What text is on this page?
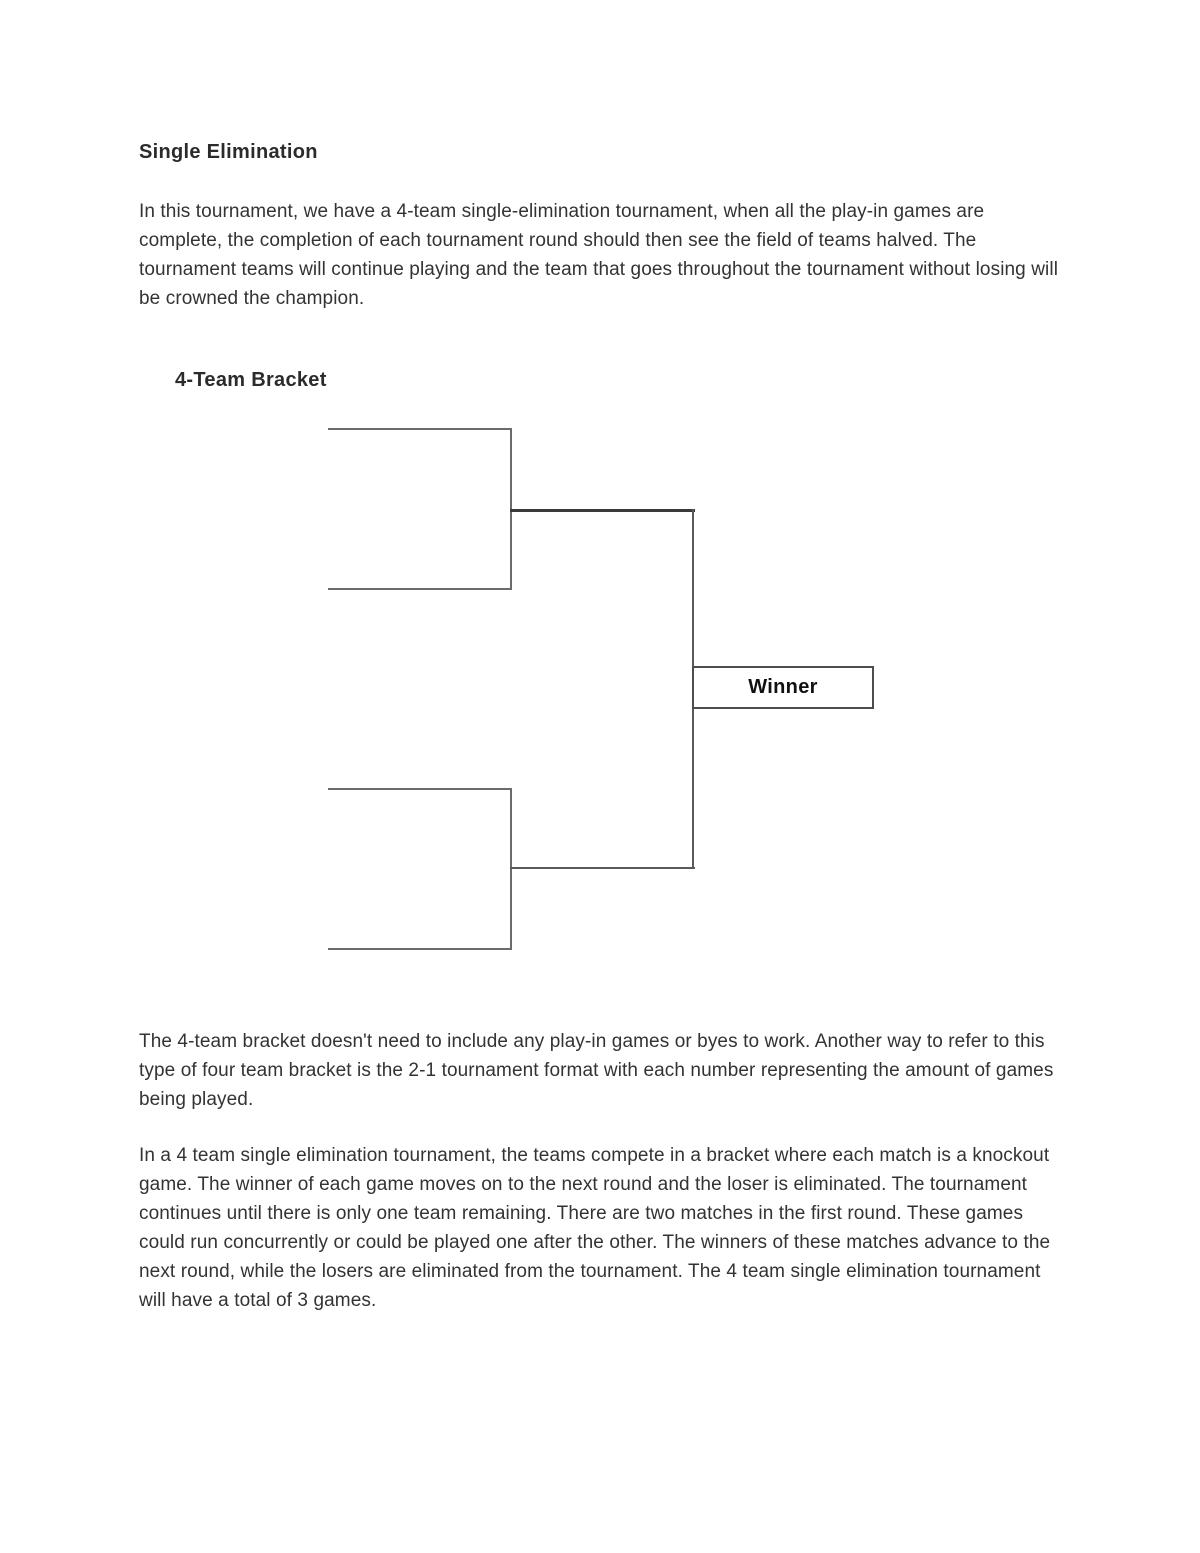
Single Elimination

In this tournament, we have a 4-team single-elimination tournament, when all the play-in games are complete, the completion of each tournament round should then see the field of teams halved. The tournament teams will continue playing and the team that goes throughout the tournament without losing will be crowned the champion.

4-Team Bracket
Winner

The 4-team bracket doesn't need to include any play-in games or byes to work. Another way to refer to this type of four team bracket is the 2-1 tournament format with each number representing the amount of games being played.

In a 4 team single elimination tournament, the teams compete in a bracket where each match is a knockout game. The winner of each game moves on to the next round and the loser is eliminated. The tournament continues until there is only one team remaining. There are two matches in the first round. These games could run concurrently or could be played one after the other. The winners of these matches advance to the next round, while the losers are eliminated from the tournament. The 4 team single elimination tournament will have a total of 3 games.
